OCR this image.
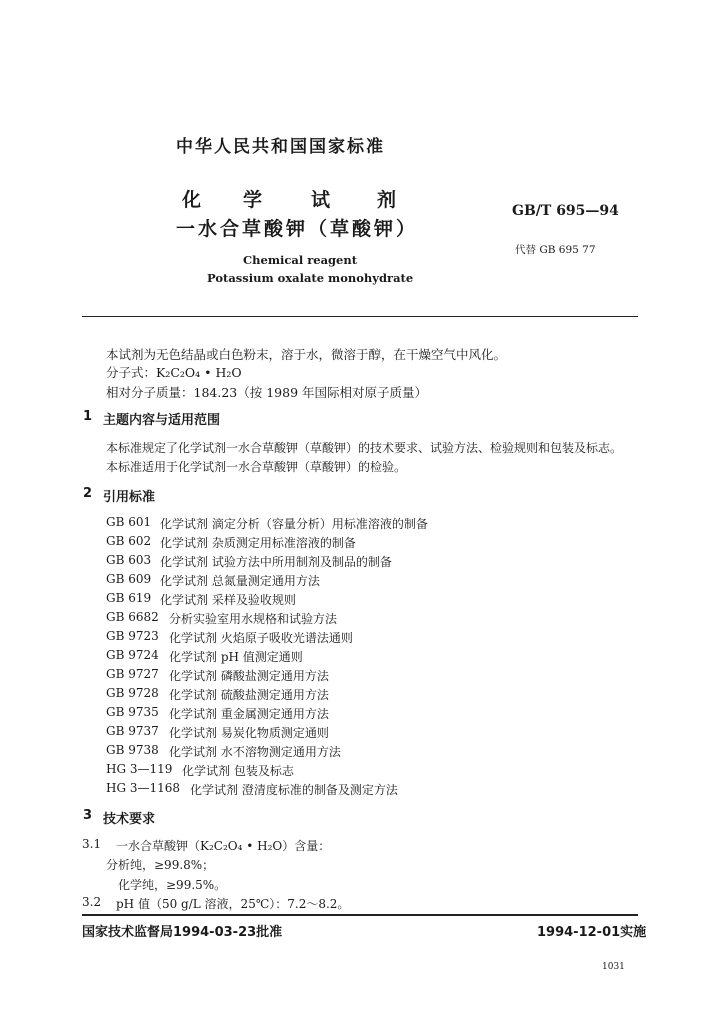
中华人民共和国国家标准
化 学	试 剂
一水合草酸钾（草酸钾）
Chemical reagent
Potassium oxalate monohydrate
GB/T 695—94
代替 GB 695 77
本试剂为无色结晶或白色粉末，溶于水，微溶于醇，在干燥空气中风化。
分子式：K₂C₂O₄ • H₂O
相对分子质量：184.23（按 1989 年国际相对原子质量）
1 主题内容与适用范围
本标准规定了化学试剂一水合草酸钾（草酸钾）的技术要求、试验方法、检验规则和包装及标志。
本标准适用于化学试剂一水合草酸钾（草酸钾）的检验。
2 引用标准
GB 601 化学试剂 滴定分析（容量分析）用标准溶液的制备
GB 602 化学试剂 杂质测定用标准溶液的制备
GB 603 化学试剂 试验方法中所用制剂及制品的制备
GB 609 化学试剂 总氮量测定通用方法
GB 619 化学试剂 采样及验收规则
GB 6682 分析实验室用水规格和试验方法
GB 9723 化学试剂 火焰原子吸收光谱法通则
GB 9724 化学试剂 pH 值测定通则
GB 9727 化学试剂 磷酸盐测定通用方法
GB 9728 化学试剂 硫酸盐测定通用方法
GB 9735 化学试剂 重金属测定通用方法
GB 9737 化学试剂 易炭化物质测定通则
GB 9738 化学试剂 水不溶物测定通用方法
HG 3—119 化学试剂 包装及标志
HG 3—1168 化学试剂 澄清度标准的制备及测定方法
3 技术要求
3.1 一水合草酸钾（K₂C₂O₄ • H₂O）含量：
分析纯，≥99.8%；
化学纯，≥99.5%。
3.2 pH 值（50 g/L 溶液，25℃）：7.2～8.2。
国家技术监督局1994-03-23批准	1994-12-01实施
1031
